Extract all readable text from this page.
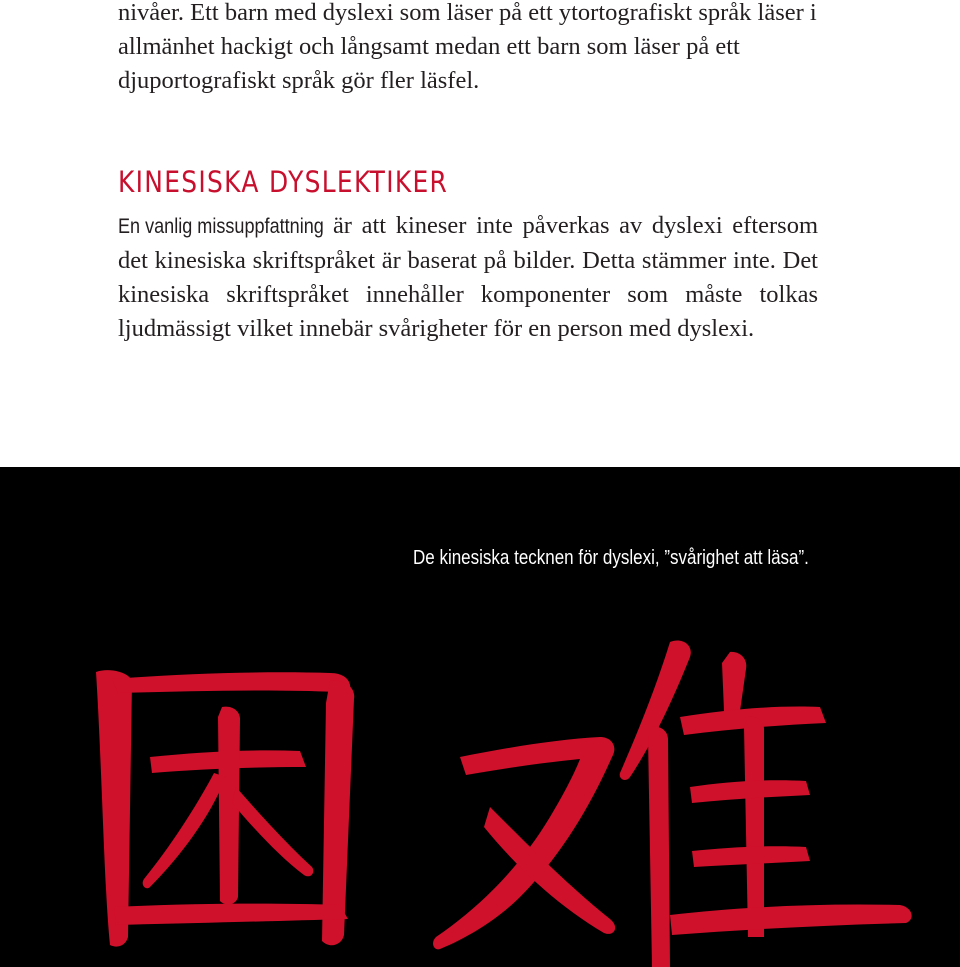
nivåer. Ett barn med dyslexi som läser på ett ytortografiskt språk läser i allmänhet hackigt och långsamt medan ett barn som läser på ett djuportografiskt språk gör fler läsfel.

KINESISKA DYSLEKTIKER

En vanlig missuppfattning är att kineser inte påverkas av dyslexi eftersom det kinesiska skriftspråket är baserat på bilder. Detta stämmer inte. Det kinesiska skriftspråket innehåller komponenter som måste tolkas ljudmässigt vilket innebär svårigheter för en person med dyslexi.

De kinesiska tecknen för dyslexi, ”svårighet att läsa”.
